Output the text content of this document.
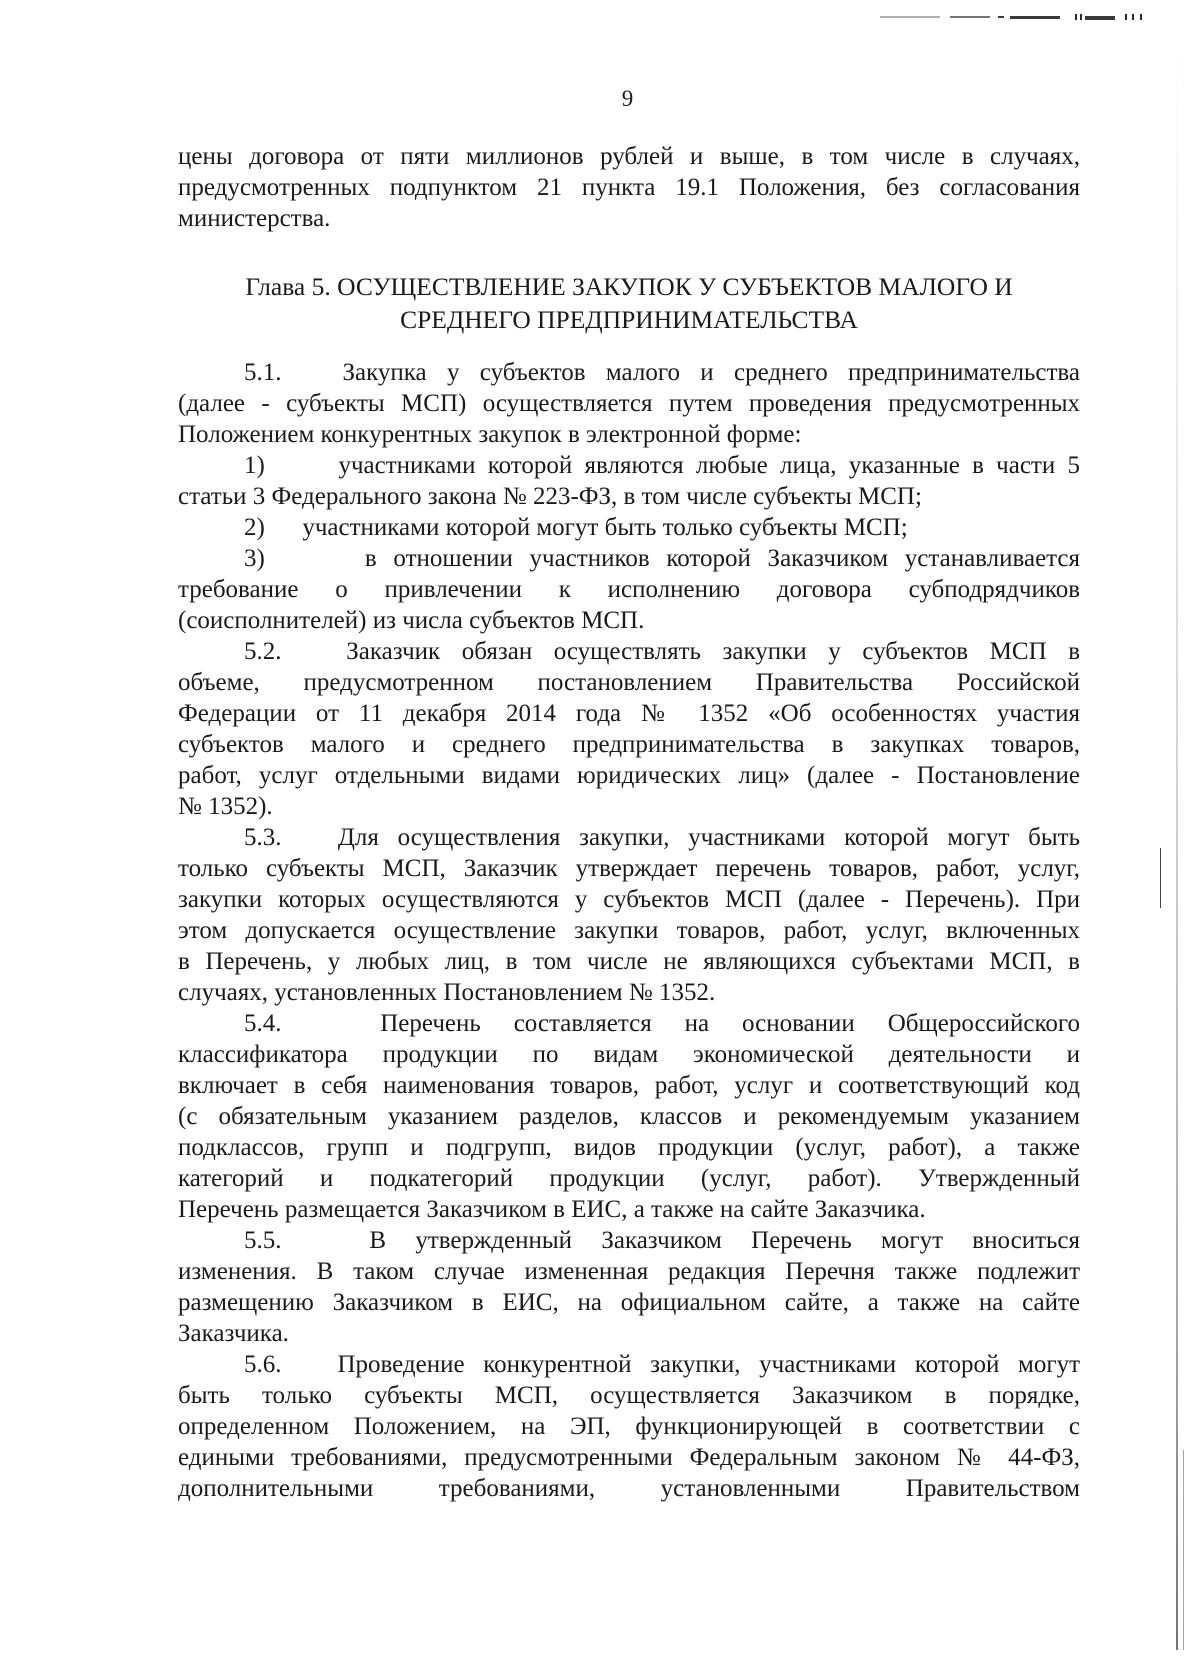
9
цены договора от пяти миллионов рублей и выше, в том числе в случаях,
предусмотренных подпунктом 21 пункта 19.1 Положения, без согласования
министерства.
Глава 5. ОСУЩЕСТВЛЕНИЕ ЗАКУПОК У СУБЪЕКТОВ МАЛОГО И
СРЕДНЕГО ПРЕДПРИНИМАТЕЛЬСТВА
5.1.   Закупка у субъектов малого и среднего предпринимательства
(далее - субъекты МСП) осуществляется путем проведения предусмотренных
Положением конкурентных закупок в электронной форме:
1)      участниками которой являются любые лица, указанные в части 5
статьи 3 Федерального закона № 223-ФЗ, в том числе субъекты МСП;
2)      участниками которой могут быть только субъекты МСП;
3)      в отношении участников которой Заказчиком устанавливается
требование о привлечении к исполнению договора субподрядчиков
(соисполнителей) из числа субъектов МСП.
5.2.   Заказчик обязан осуществлять закупки у субъектов МСП в
объеме, предусмотренном постановлением Правительства Российской
Федерации от 11 декабря 2014 года № 1352 «Об особенностях участия
субъектов малого и среднего предпринимательства в закупках товаров,
работ, услуг отдельными видами юридических лиц» (далее - Постановление
№ 1352).
5.3.   Для осуществления закупки, участниками которой могут быть
только субъекты МСП, Заказчик утверждает перечень товаров, работ, услуг,
закупки которых осуществляются у субъектов МСП (далее - Перечень). При
этом допускается осуществление закупки товаров, работ, услуг, включенных
в Перечень, у любых лиц, в том числе не являющихся субъектами МСП, в
случаях, установленных Постановлением № 1352.
5.4.   Перечень составляется на основании Общероссийского
классификатора продукции по видам экономической деятельности и
включает в себя наименования товаров, работ, услуг и соответствующий код
(с обязательным указанием разделов, классов и рекомендуемым указанием
подклассов, групп и подгрупп, видов продукции (услуг, работ), а также
категорий и подкатегорий продукции (услуг, работ). Утвержденный
Перечень размещается Заказчиком в ЕИС, а также на сайте Заказчика.
5.5.   В утвержденный Заказчиком Перечень могут вноситься
изменения. В таком случае измененная редакция Перечня также подлежит
размещению Заказчиком в ЕИС, на официальном сайте, а также на сайте
Заказчика.
5.6.   Проведение конкурентной закупки, участниками которой могут
быть только субъекты МСП, осуществляется Заказчиком в порядке,
определенном Положением, на ЭП, функционирующей в соответствии с
едиными требованиями, предусмотренными Федеральным законом № 44-ФЗ,
дополнительными требованиями, установленными Правительством
